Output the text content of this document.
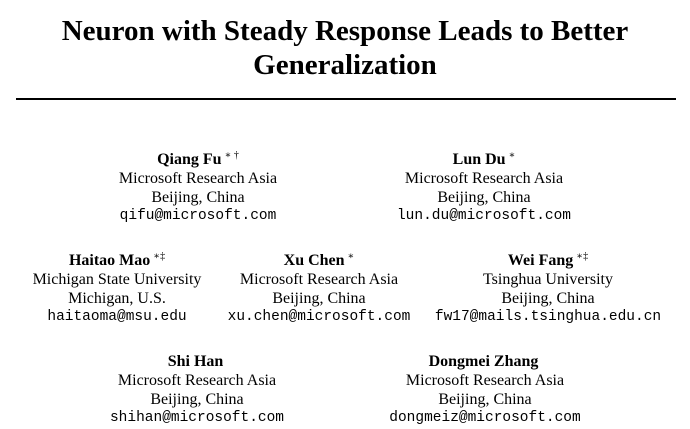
Neuron with Steady Response Leads to Better
Generalization
Qiang Fu ∗ †
Microsoft Research Asia
Beijing, China
qifu@microsoft.com
Lun Du ∗
Microsoft Research Asia
Beijing, China
lun.du@microsoft.com
Haitao Mao ∗‡
Michigan State University
Michigan, U.S.
haitaoma@msu.edu
Xu Chen ∗
Microsoft Research Asia
Beijing, China
xu.chen@microsoft.com
Wei Fang ∗‡
Tsinghua University
Beijing, China
fw17@mails.tsinghua.edu.cn
Shi Han
Microsoft Research Asia
Beijing, China
shihan@microsoft.com
Dongmei Zhang
Microsoft Research Asia
Beijing, China
dongmeiz@microsoft.com
